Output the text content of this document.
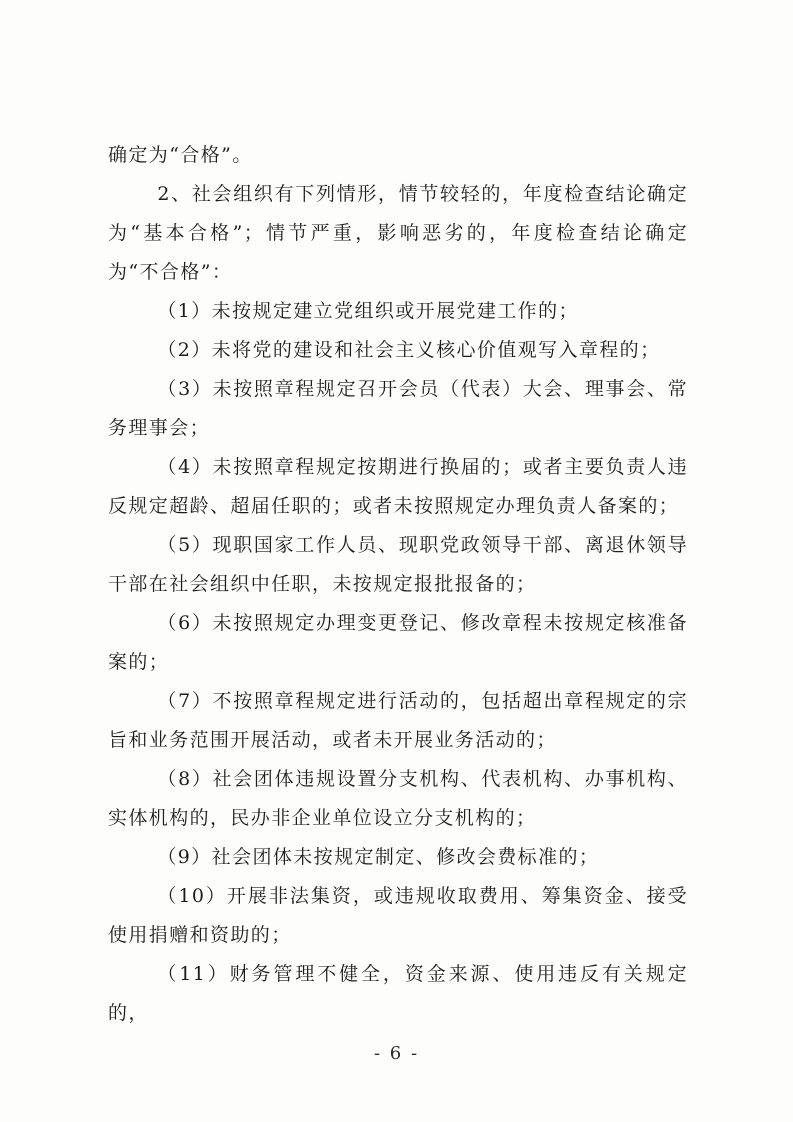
确定为“合格”。

2、社会组织有下列情形，情节较轻的，年度检查结论确定为“基本合格”；情节严重，影响恶劣的，年度检查结论确定为“不合格”：

（1）未按规定建立党组织或开展党建工作的；

（2）未将党的建设和社会主义核心价值观写入章程的；

（3）未按照章程规定召开会员（代表）大会、理事会、常务理事会；

（4）未按照章程规定按期进行换届的；或者主要负责人违反规定超龄、超届任职的；或者未按照规定办理负责人备案的；

（5）现职国家工作人员、现职党政领导干部、离退休领导干部在社会组织中任职，未按规定报批报备的；

（6）未按照规定办理变更登记、修改章程未按规定核准备案的；

（7）不按照章程规定进行活动的，包括超出章程规定的宗旨和业务范围开展活动，或者未开展业务活动的；

（8）社会团体违规设置分支机构、代表机构、办事机构、实体机构的，民办非企业单位设立分支机构的；

（9）社会团体未按规定制定、修改会费标准的；

（10）开展非法集资，或违规收取费用、筹集资金、接受使用捐赠和资助的；

（11）财务管理不健全，资金来源、使用违反有关规定的，

- 6 -
